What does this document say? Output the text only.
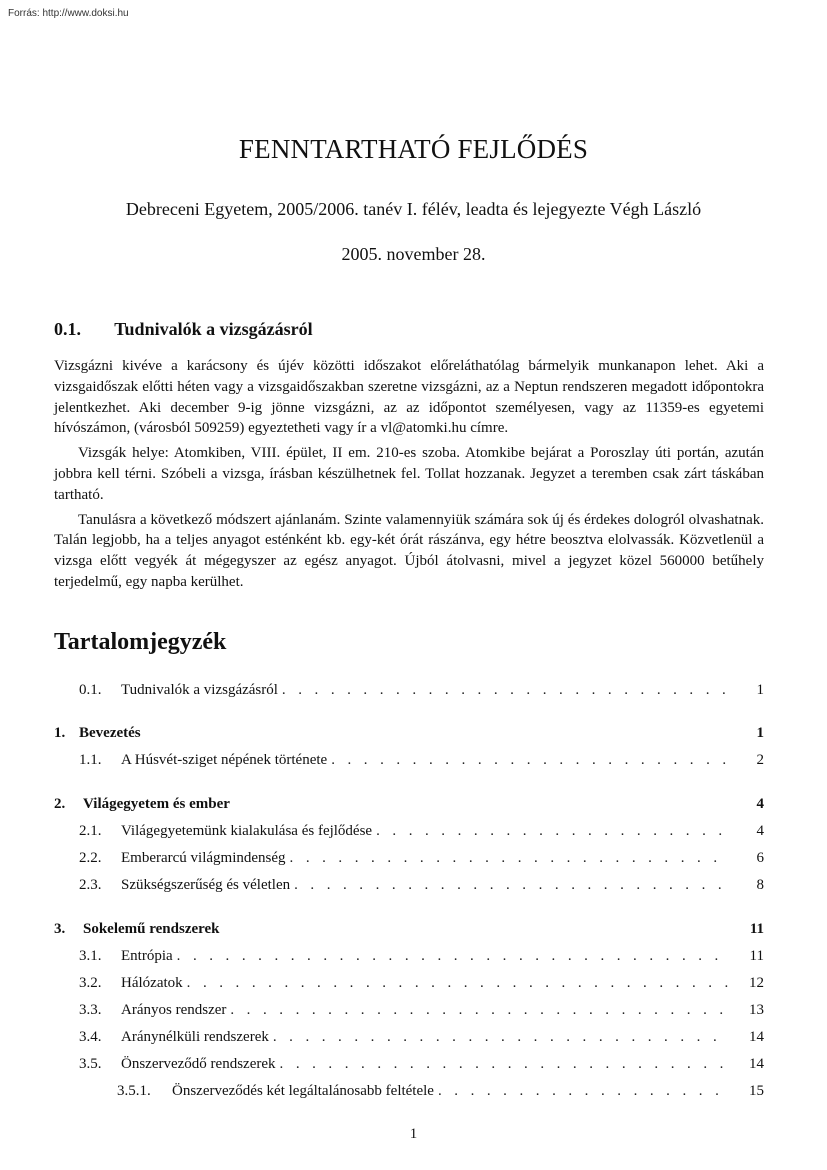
Forrás: http://www.doksi.hu
FENNTARTHATÓ FEJLŐDÉS
Debreceni Egyetem, 2005/2006. tanév I. félév, leadta és lejegyezte Végh László
2005. november 28.
0.1. Tudnivalók a vizsgázásról

Vizsgázni kivéve a karácsony és újév közötti időszakot előreláthatólag bármelyik munkanapon lehet. Aki a vizsgaidőszak előtti héten vagy a vizsgaidőszakban szeretne vizsgázni, az a Neptun rendszeren megadott időpontokra jelentkezhet. Aki december 9-ig jönne vizsgázni, az az időpontot személyesen, vagy az 11359-es egyetemi hívószámon, (városból 509259) egyeztetheti vagy ír a vl@atomki.hu címre.

Vizsgák helye: Atomkiben, VIII. épület, II em. 210-es szoba. Atomkibe bejárat a Poroszlay úti portán, azután jobbra kell térni. Szóbeli a vizsga, írásban készülhetnek fel. Tollat hozzanak. Jegyzet a teremben csak zárt táskában tartható.

Tanulásra a következő módszert ajánlanám. Szinte valamennyiük számára sok új és érdekes dologról olvashatnak. Talán legjobb, ha a teljes anyagot esténként kb. egy-két órát rászánva, egy hétre beosztva elolvassák. Közvetlenül a vizsga előtt vegyék át mégegyszer az egész anyagot. Újból átolvasni, mivel a jegyzet közel 560000 betűhely terjedelmű, egy napba kerülhet.

Tartalomjegyzék
0.1.	Tudnivalók a vizsgázásról . . .	1
1. Bevezetés	1
1.1.	A Húsvét-sziget népének története . . .	2
2.	Világegyetem és ember	4
2.1.	Világegyetemünk kialakulása és fejlődése . . .	4
2.2.	Emberarcú világmindenség . . .	6
2.3.	Szükségszerűség és véletlen . . .	8
3.	Sokelemű rendszerek	11
3.1.	Entrópia . . .	11
3.2.	Hálózatok . . .	12
3.3.	Arányos rendszer . . .	13
3.4.	Aránynélküli rendszerek . . .	14
3.5.	Önszerveződő rendszerek . . .	14
3.5.1.	Önszerveződés két legáltalánosabb feltétele . . .	15
1
